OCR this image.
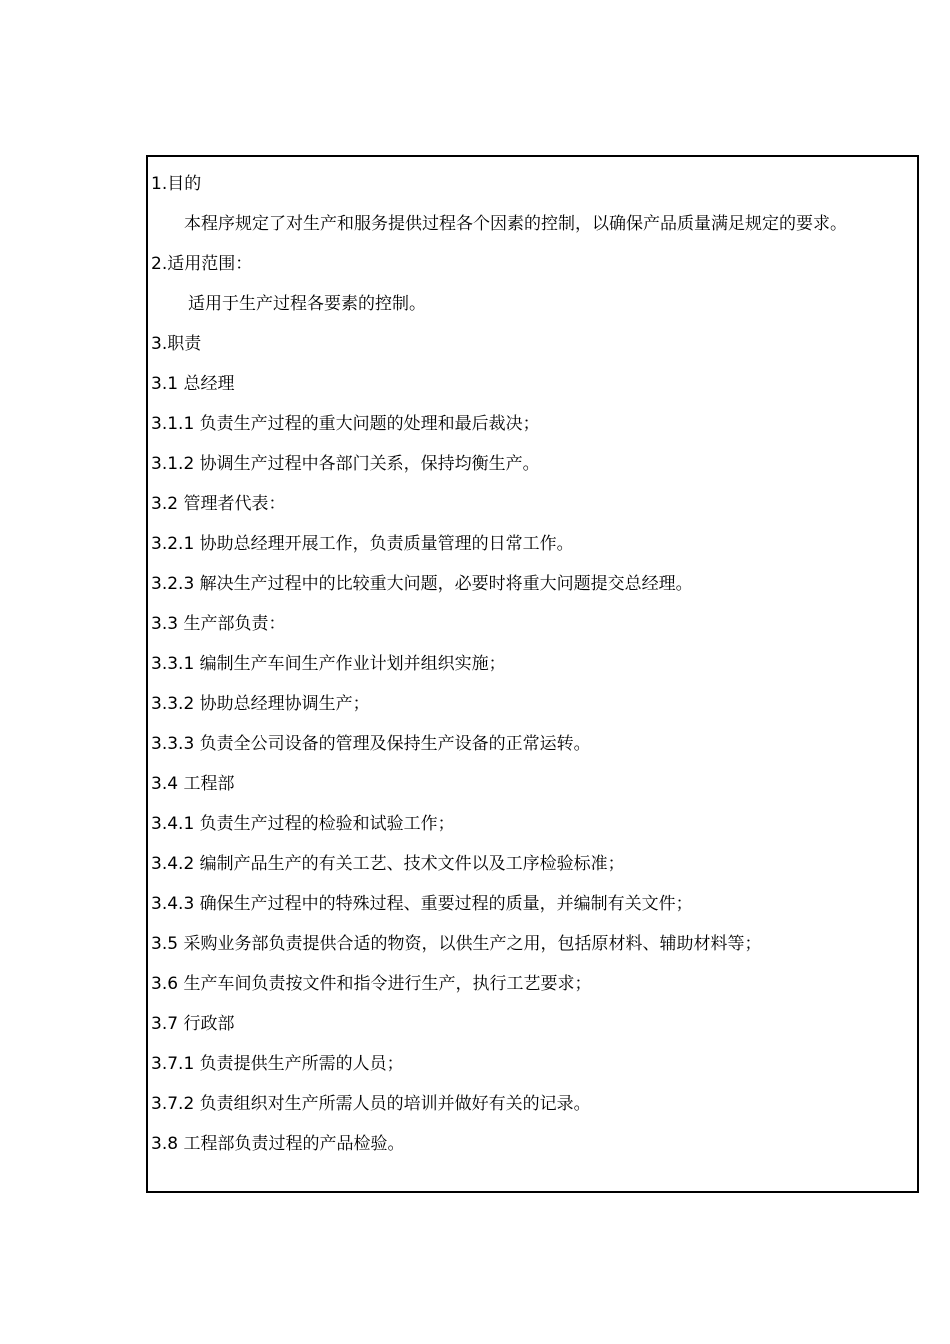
1.目的
本程序规定了对生产和服务提供过程各个因素的控制，以确保产品质量满足规定的要求。
2.适用范围：
适用于生产过程各要素的控制。
3.职责
3.1 总经理
3.1.1 负责生产过程的重大问题的处理和最后裁决；
3.1.2 协调生产过程中各部门关系，保持均衡生产。
3.2 管理者代表：
3.2.1 协助总经理开展工作，负责质量管理的日常工作。
3.2.3 解决生产过程中的比较重大问题，必要时将重大问题提交总经理。
3.3 生产部负责：
3.3.1 编制生产车间生产作业计划并组织实施；
3.3.2 协助总经理协调生产；
3.3.3 负责全公司设备的管理及保持生产设备的正常运转。
3.4 工程部
3.4.1 负责生产过程的检验和试验工作；
3.4.2 编制产品生产的有关工艺、技术文件以及工序检验标准；
3.4.3 确保生产过程中的特殊过程、重要过程的质量，并编制有关文件；
3.5 采购业务部负责提供合适的物资，以供生产之用，包括原材料、辅助材料等；
3.6 生产车间负责按文件和指令进行生产，执行工艺要求；
3.7 行政部
3.7.1 负责提供生产所需的人员；
3.7.2 负责组织对生产所需人员的培训并做好有关的记录。
3.8 工程部负责过程的产品检验。
